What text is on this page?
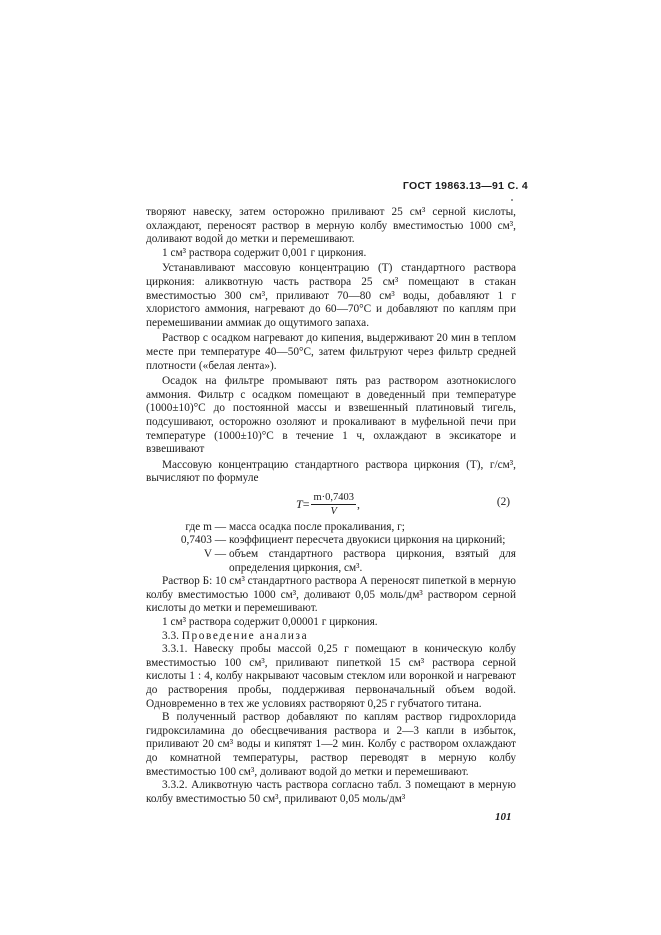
ГОСТ 19863.13—91 С. 4

творяют навеску, затем осторожно приливают 25 см³ серной кислоты, охлаждают, переносят раствор в мерную колбу вместимостью 1000 см³, доливают водой до метки и перемешивают.

1 см³ раствора содержит 0,001 г циркония.

Устанавливают массовую концентрацию (T) стандартного раствора циркония: аликвотную часть раствора 25 см³ помещают в стакан вместимостью 300 см³, приливают 70—80 см³ воды, добавляют 1 г хлористого аммония, нагревают до 60—70°С и добавляют по каплям при перемешивании аммиак до ощутимого запаха.

Раствор с осадком нагревают до кипения, выдерживают 20 мин в теплом месте при температуре 40—50°С, затем фильтруют через фильтр средней плотности («белая лента»).

Осадок на фильтре промывают пять раз раствором азотнокислого аммония. Фильтр с осадком помещают в доведенный при температуре (1000±10)°С до постоянной массы и взвешенный платиновый тигель, подсушивают, осторожно озоляют и прокаливают в муфельной печи при температуре (1000±10)°С в течение 1 ч, охлаждают в эксикаторе и взвешивают

Массовую концентрацию стандартного раствора циркония (T), г/см³, вычисляют по формуле

$T = \frac{m\cdot 0,7403}{V}$ ,	(2)
где m — масса осадка после прокаливания, г;
0,7403 — коэффициент пересчета двуокиси циркония на цирконий;
V — объем стандартного раствора циркония, взятый для определения циркония, см³.

Раствор Б: 10 см³ стандартного раствора А переносят пипеткой в мерную колбу вместимостью 1000 см³, доливают 0,05 моль/дм³ раствором серной кислоты до метки и перемешивают.

1 см³ раствора содержит 0,00001 г циркония.

3.3. Проведение анализа

3.3.1. Навеску пробы массой 0,25 г помещают в коническую колбу вместимостью 100 см³, приливают пипеткой 15 см³ раствора серной кислоты 1 : 4, колбу накрывают часовым стеклом или воронкой и нагревают до растворения пробы, поддерживая первоначальный объем водой. Одновременно в тех же условиях растворяют 0,25 г губчатого титана.

В полученный раствор добавляют по каплям раствор гидрохлорида гидроксиламина до обесцвечивания раствора и 2—3 капли в избыток, приливают 20 см³ воды и кипятят 1—2 мин. Колбу с раствором охлаждают до комнатной температуры, раствор переводят в мерную колбу вместимостью 100 см³, доливают водой до метки и перемешивают.

3.3.2. Аликвотную часть раствора согласно табл. 3 помещают в мерную колбу вместимостью 50 см³, приливают 0,05 моль/дм³

101
